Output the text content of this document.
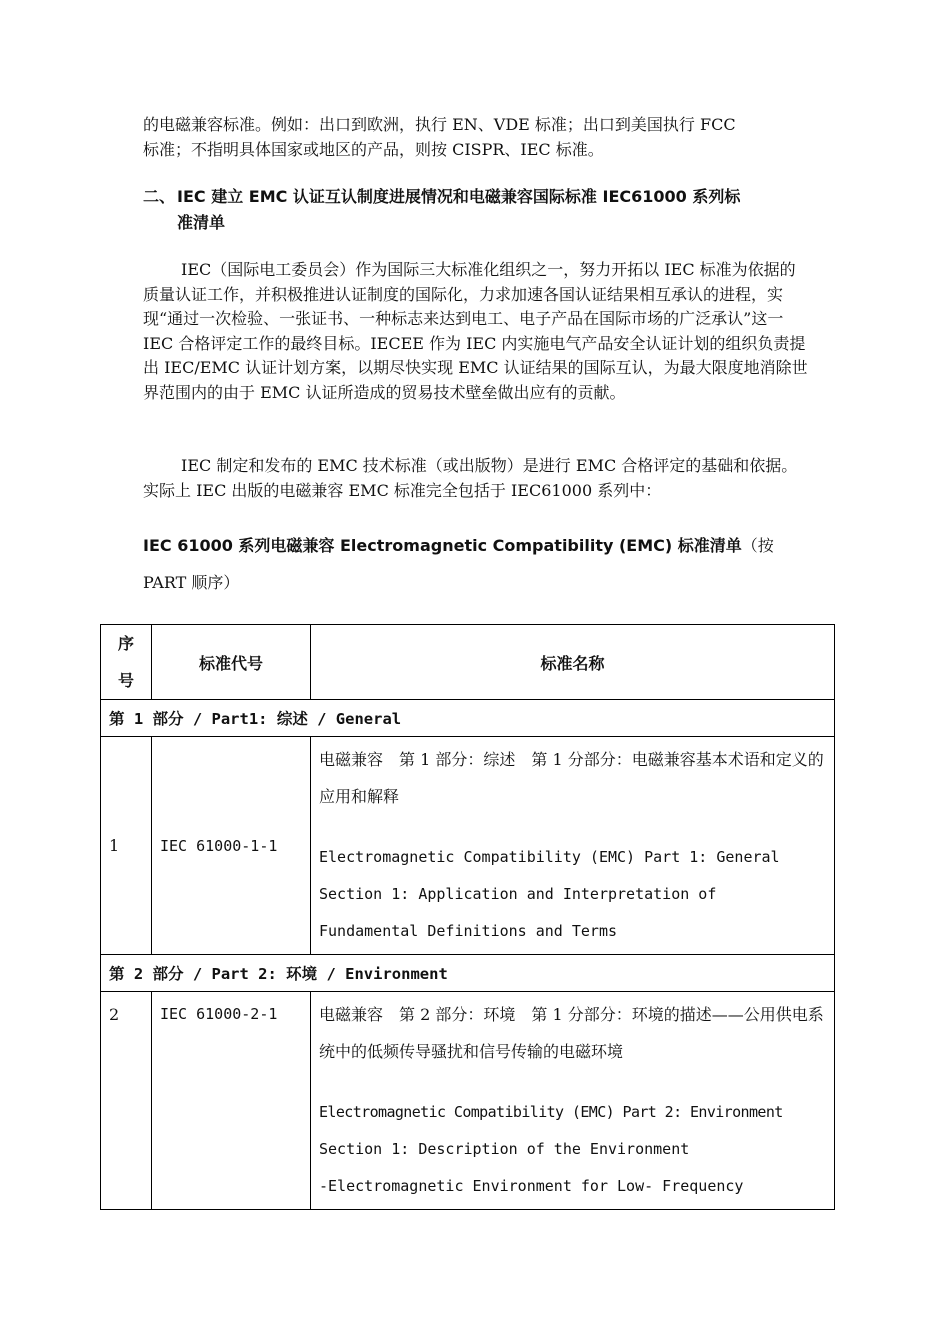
的电磁兼容标准。例如：出口到欧洲，执行 EN、VDE 标准；出口到美国执行 FCC
标准；不指明具体国家或地区的产品，则按 CISPR、IEC 标准。

二、 IEC 建立 EMC 认证互认制度进展情况和电磁兼容国际标准 IEC61000 系列标
准清单

IEC（国际电工委员会）作为国际三大标准化组织之一，努力开拓以 IEC 标准为依据的质量认证工作，并积极推进认证制度的国际化，力求加速各国认证结果相互承认的进程，实现“通过一次检验、一张证书、一种标志来达到电工、电子产品在国际市场的广泛承认”这一 IEC 合格评定工作的最终目标。IECEE 作为 IEC 内实施电气产品安全认证计划的组织负责提出 IEC/EMC 认证计划方案，以期尽快实现 EMC 认证结果的国际互认，为最大限度地消除世界范围内的由于 EMC 认证所造成的贸易技术壁垒做出应有的贡献。

IEC 制定和发布的 EMC 技术标准（或出版物）是进行 EMC 合格评定的基础和依据。实际上 IEC 出版的电磁兼容 EMC 标准完全包括于 IEC61000 系列中：

IEC 61000 系列电磁兼容 Electromagnetic Compatibility (EMC) 标准清单（按

PART 顺序）

序
号	标准代号	标准名称
第 1 部分 / Part1: 综述 / General		
1	IEC 61000-1-1	电磁兼容　第 1 部分：综述　第 1 分部分：电磁兼容基本术语和定义的应用和解释
Electromagnetic Compatibility (EMC) Part 1: General
Section 1: Application and Interpretation of
Fundamental Definitions and Terms

第 2 部分 / Part 2: 环境 / Environment		
2	IEC 61000-2-1	电磁兼容　第 2 部分：环境　第 1 分部分：环境的描述——公用供电系统中的低频传导骚扰和信号传输的电磁环境
Electromagnetic Compatibility (EMC) Part 2: Environment
Section 1: Description of the Environment
-Electromagnetic Environment for Low- Frequency
